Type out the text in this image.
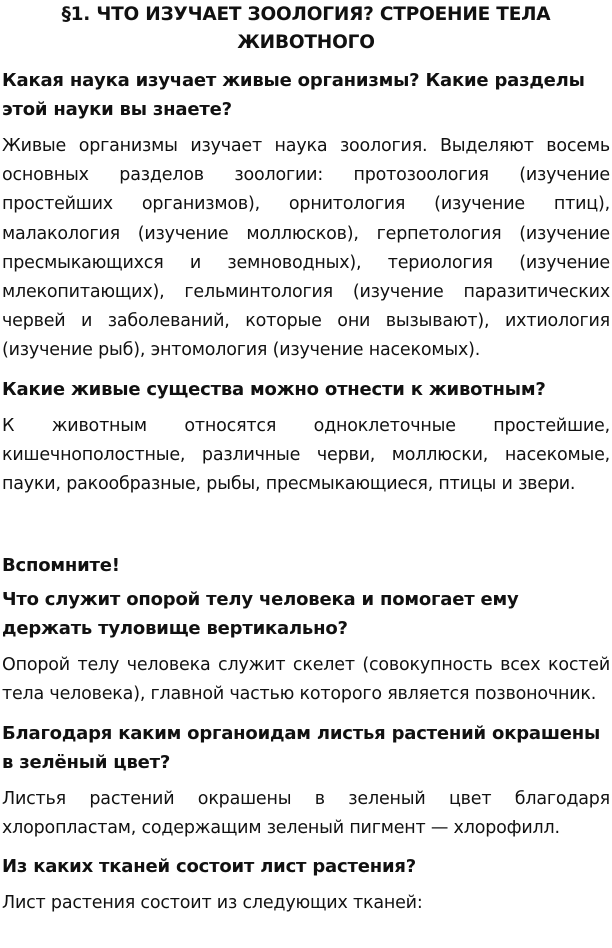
§1. ЧТО ИЗУЧАЕТ ЗООЛОГИЯ? СТРОЕНИЕ ТЕЛА ЖИВОТНОГО

Какая наука изучает живые организмы? Какие разделы этой науки вы знаете?

Живые организмы изучает наука зоология. Выделяют восемь основных разделов зоологии: протозоология (изучение простейших организмов), орнитология (изучение птиц), малакология (изучение моллюсков), герпетология (изучение пресмыкающихся и земноводных), териология (изучение млекопитающих), гельминтология (изучение паразитических червей и заболеваний, которые они вызывают), ихтиология (изучение рыб), энтомология (изучение насекомых).

Какие живые существа можно отнести к животным?

К животным относятся одноклеточные простейшие, кишечнополостные, различные черви, моллюски, насекомые, пауки, ракообразные, рыбы, пресмыкающиеся, птицы и звери.

Вспомните!

Что служит опорой телу человека и помогает ему держать туловище вертикально?

Опорой телу человека служит скелет (совокупность всех костей тела человека), главной частью которого является позвоночник.

Благодаря каким органоидам листья растений окрашены в зелёный цвет?

Листья растений окрашены в зеленый цвет благодаря хлоропластам, содержащим зеленый пигмент — хлорофилл.

Из каких тканей состоит лист растения?

Лист растения состоит из следующих тканей:
